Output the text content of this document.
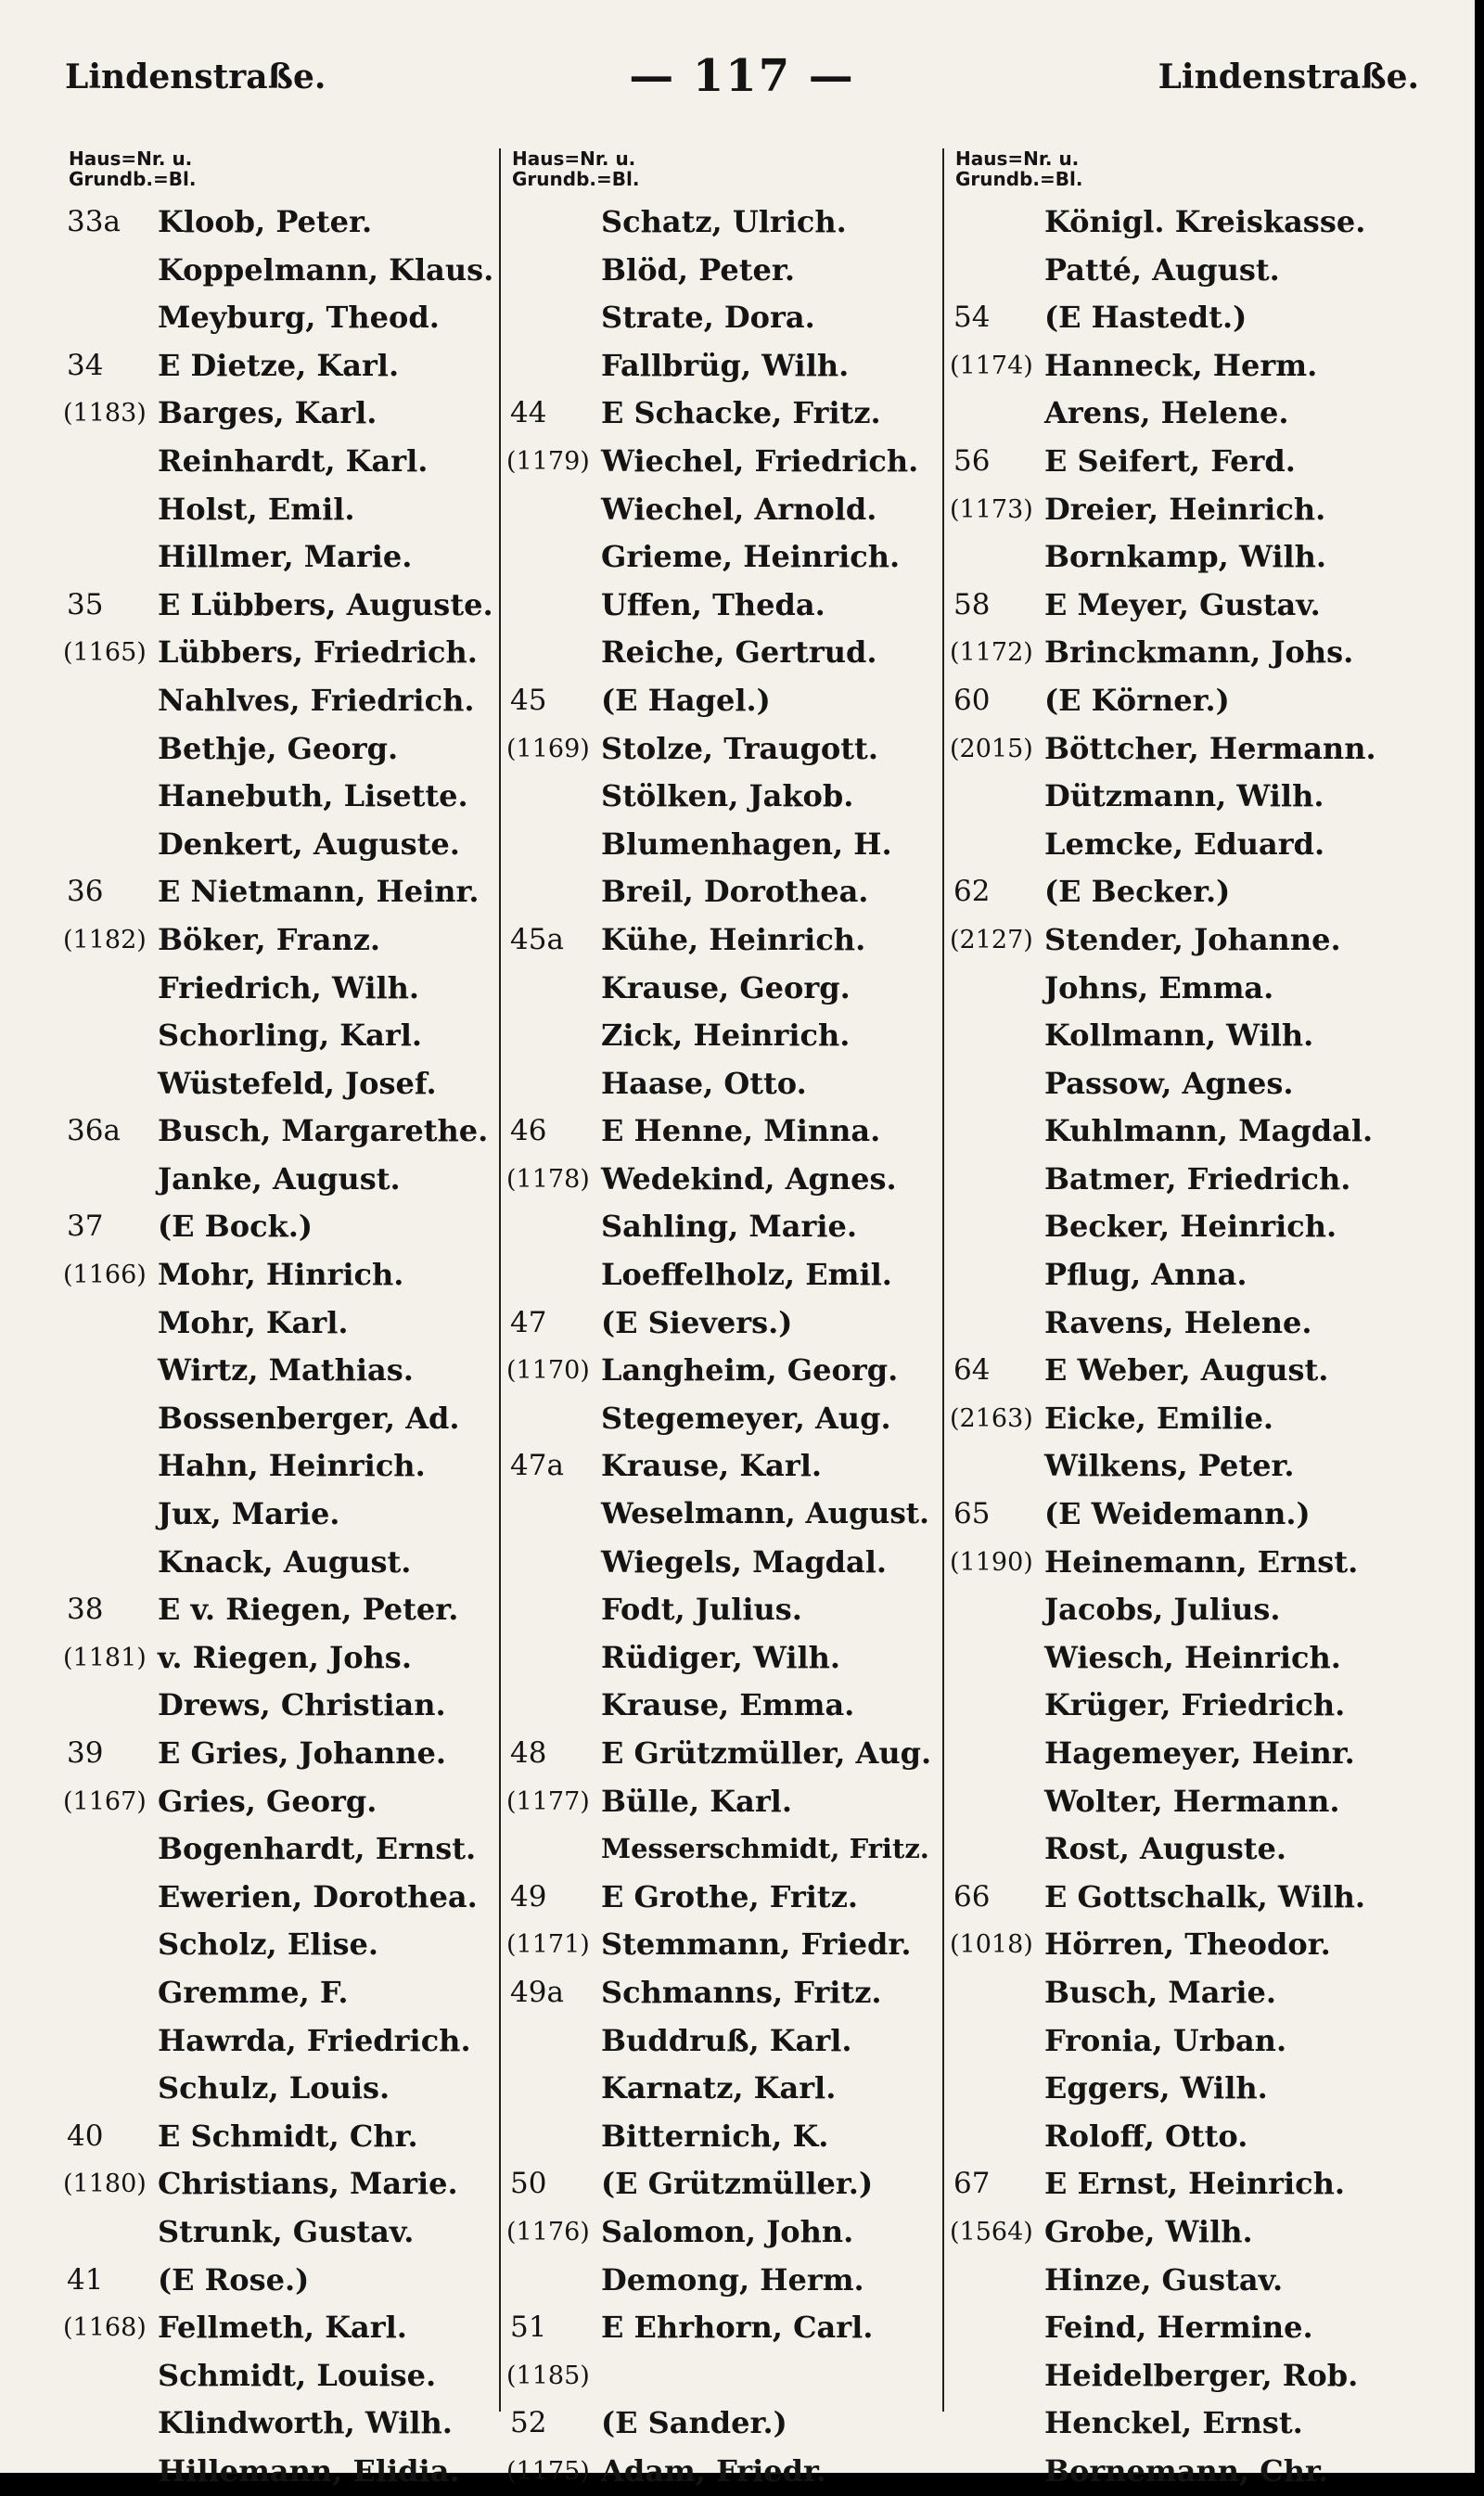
Lindenstraße.	— 117 —	Lindenstraße.
Haus=Nr. u.
Grundb.=Bl.
33a Kloob, Peter.
Koppelmann, Klaus.
Meyburg, Theod.
34 E Dietze, Karl.
(1183) Barges, Karl.
Reinhardt, Karl.
Holst, Emil.
Hillmer, Marie.
35 E Lübbers, Auguste.
(1165) Lübbers, Friedrich.
Nahlves, Friedrich.
Bethje, Georg.
Hanebuth, Lisette.
Denkert, Auguste.
36 E Nietmann, Heinr.
(1182) Böker, Franz.
Friedrich, Wilh.
Schorling, Karl.
Wüstefeld, Josef.
36a Busch, Margarethe.
Janke, August.
37 (E Bock.)
(1166) Mohr, Hinrich.
Mohr, Karl.
Wirtz, Mathias.
Bossenberger, Ad.
Hahn, Heinrich.
Jux, Marie.
Knack, August.
38 E v. Riegen, Peter.
(1181) v. Riegen, Johs.
Drews, Christian.
39 E Gries, Johanne.
(1167) Gries, Georg.
Bogenhardt, Ernst.
Ewerien, Dorothea.
Scholz, Elise.
Gremme, F.
Hawrda, Friedrich.
Schulz, Louis.
40 E Schmidt, Chr.
(1180) Christians, Marie.
Strunk, Gustav.
41 (E Rose.)
(1168) Fellmeth, Karl.
Schmidt, Louise.
Klindworth, Wilh.
Hillemann, Elidia.
Haus=Nr. u.
Grundb.=Bl.
Schatz, Ulrich.
Blöd, Peter.
Strate, Dora.
Fallbrüg, Wilh.
44 E Schacke, Fritz.
(1179) Wiechel, Friedrich.
Wiechel, Arnold.
Grieme, Heinrich.
Uffen, Theda.
Reiche, Gertrud.
45 (E Hagel.)
(1169) Stolze, Traugott.
Stölken, Jakob.
Blumenhagen, H.
Breil, Dorothea.
45a Kühe, Heinrich.
Krause, Georg.
Zick, Heinrich.
Haase, Otto.
46 E Henne, Minna.
(1178) Wedekind, Agnes.
Sahling, Marie.
Loeffelholz, Emil.
47 (E Sievers.)
(1170) Langheim, Georg.
Stegemeyer, Aug.
47a Krause, Karl.
Weselmann, August.
Wiegels, Magdal.
Fodt, Julius.
Rüdiger, Wilh.
Krause, Emma.
48 E Grützmüller, Aug.
(1177) Bülle, Karl.
Messerschmidt, Fritz.
49 E Grothe, Fritz.
(1171) Stemmann, Friedr.
49a Schmanns, Fritz.
Buddruß, Karl.
Karnatz, Karl.
Bitternich, K.
50 (E Grützmüller.)
(1176) Salomon, John.
Demong, Herm.
51 E Ehrhorn, Carl.
(1185)
52 (E Sander.)
(1175) Adam, Friedr.
Haus=Nr. u.
Grundb.=Bl.
Königl. Kreiskasse.
Patté, August.
54 (E Hastedt.)
(1174) Hanneck, Herm.
Arens, Helene.
56 E Seifert, Ferd.
(1173) Dreier, Heinrich.
Bornkamp, Wilh.
58 E Meyer, Gustav.
(1172) Brinckmann, Johs.
60 (E Körner.)
(2015) Böttcher, Hermann.
Dützmann, Wilh.
Lemcke, Eduard.
62 (E Becker.)
(2127) Stender, Johanne.
Johns, Emma.
Kollmann, Wilh.
Passow, Agnes.
Kuhlmann, Magdal.
Batmer, Friedrich.
Becker, Heinrich.
Pflug, Anna.
Ravens, Helene.
64 E Weber, August.
(2163) Eicke, Emilie.
Wilkens, Peter.
65 (E Weidemann.)
(1190) Heinemann, Ernst.
Jacobs, Julius.
Wiesch, Heinrich.
Krüger, Friedrich.
Hagemeyer, Heinr.
Wolter, Hermann.
Rost, Auguste.
66 E Gottschalk, Wilh.
(1018) Hörren, Theodor.
Busch, Marie.
Fronia, Urban.
Eggers, Wilh.
Roloff, Otto.
67 E Ernst, Heinrich.
(1564) Grobe, Wilh.
Hinze, Gustav.
Feind, Hermine.
Heidelberger, Rob.
Henckel, Ernst.
Bornemann, Chr.
